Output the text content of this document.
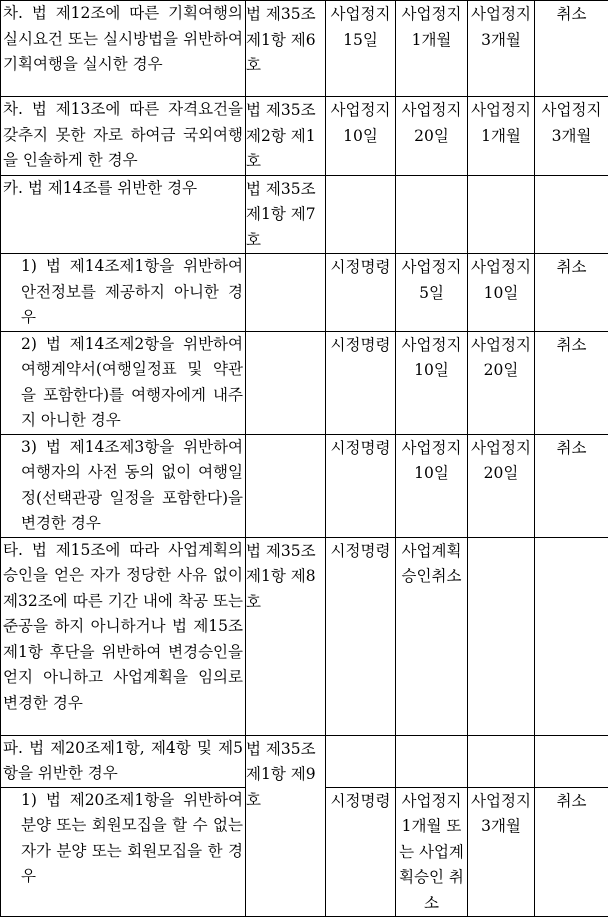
차. 법 제12조에 따른 기획여행의 실시요건 또는 실시방법을 위반하여 기획여행을 실시한 경우	법 제35조 제1항 제6호	사업정지 15일	사업정지 1개월	사업정지 3개월	취소

차. 법 제13조에 따른 자격요건을 갖추지 못한 자로 하여금 국외여행을 인솔하게 한 경우	법 제35조 제2항 제1호	사업정지 10일	사업정지 20일	사업정지 1개월	사업정지 3개월

카. 법 제14조를 위반한 경우	법 제35조 제1항 제7호				

1) 법 제14조제1항을 위반하여 안전정보를 제공하지 아니한 경우		시정명령	사업정지 5일	사업정지 10일	취소

2) 법 제14조제2항을 위반하여 여행계약서(여행일정표 및 약관을 포함한다)를 여행자에게 내주지 아니한 경우		시정명령	사업정지 10일	사업정지 20일	취소

3) 법 제14조제3항을 위반하여 여행자의 사전 동의 없이 여행일정(선택관광 일정을 포함한다)을 변경한 경우		시정명령	사업정지 10일	사업정지 20일	취소

타. 법 제15조에 따라 사업계획의 승인을 얻은 자가 정당한 사유 없이 제32조에 따른 기간 내에 착공 또는 준공을 하지 아니하거나 법 제15조제1항 후단을 위반하여 변경승인을 얻지 아니하고 사업계획을 임의로 변경한 경우	법 제35조 제1항 제8호	시정명령	사업계획 승인취소		

파. 법 제20조제1항, 제4항 및 제5항을 위반한 경우	법 제35조 제1항 제9호				

1) 법 제20조제1항을 위반하여 분양 또는 회원모집을 할 수 없는 자가 분양 또는 회원모집을 한 경우		시정명령	사업정지 1개월 또는 사업계획승인 취소	사업정지 3개월	취소
